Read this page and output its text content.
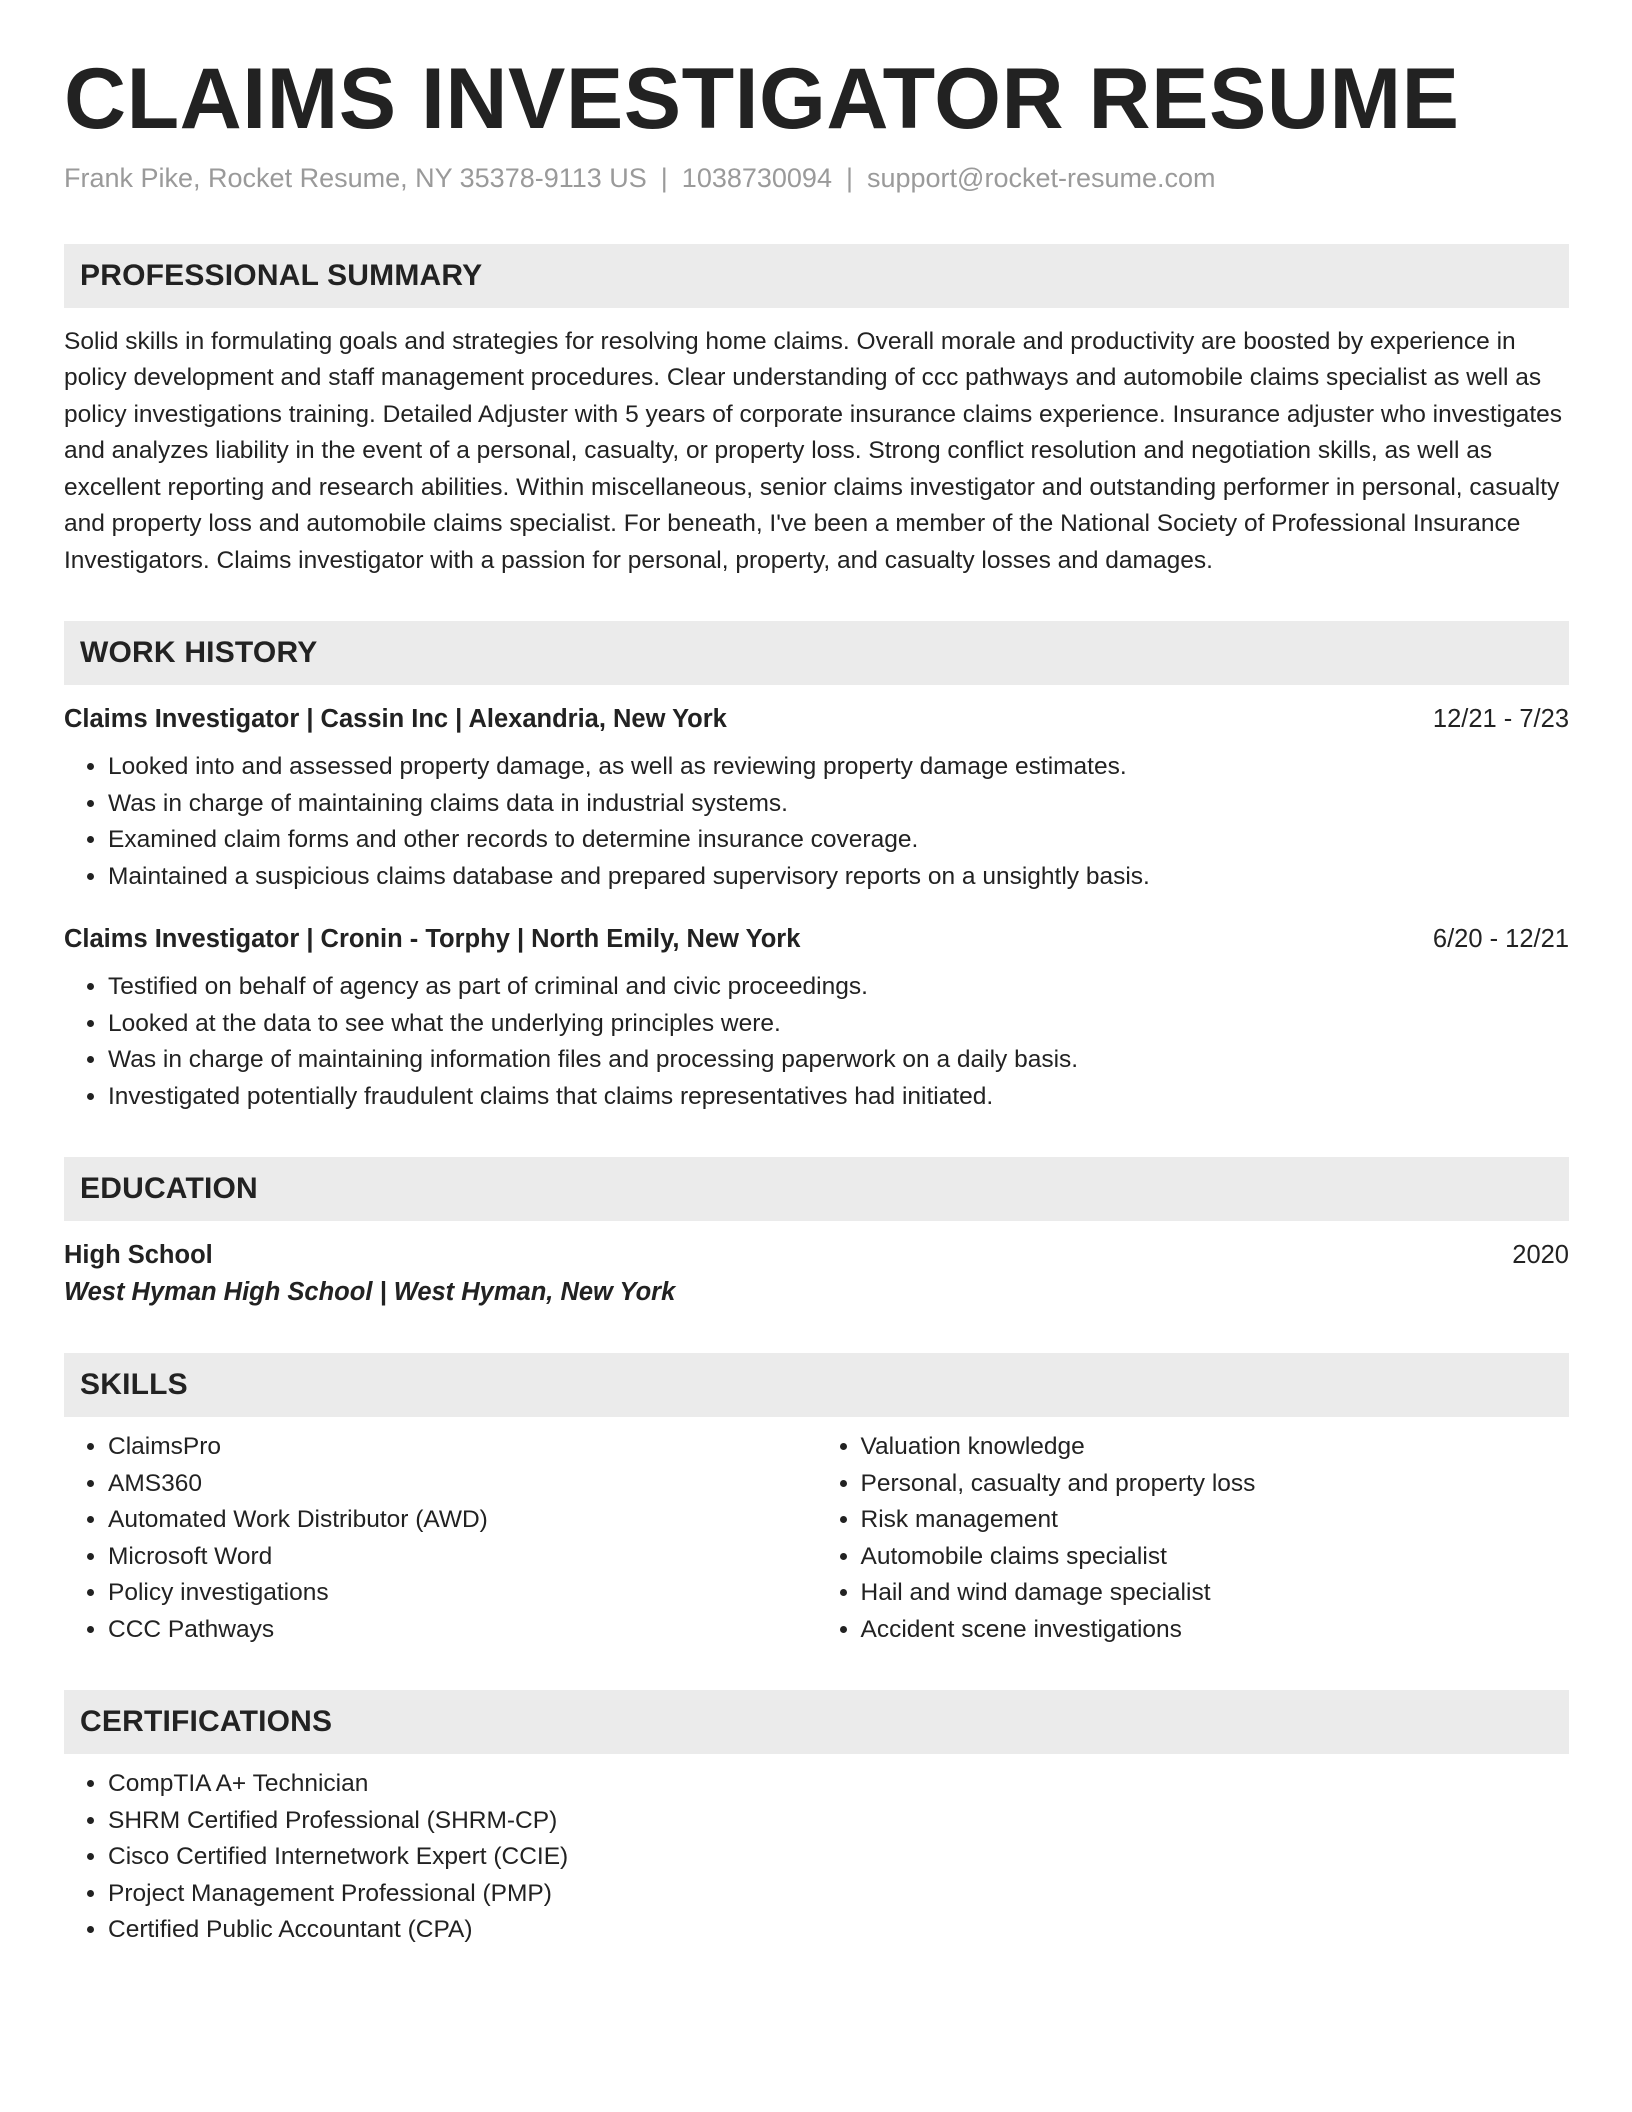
CLAIMS INVESTIGATOR RESUME
Frank Pike, Rocket Resume, NY 35378-9113 US | 1038730094 | support@rocket-resume.com
PROFESSIONAL SUMMARY
Solid skills in formulating goals and strategies for resolving home claims. Overall morale and productivity are boosted by experience in policy development and staff management procedures. Clear understanding of ccc pathways and automobile claims specialist as well as policy investigations training. Detailed Adjuster with 5 years of corporate insurance claims experience. Insurance adjuster who investigates and analyzes liability in the event of a personal, casualty, or property loss. Strong conflict resolution and negotiation skills, as well as excellent reporting and research abilities. Within miscellaneous, senior claims investigator and outstanding performer in personal, casualty and property loss and automobile claims specialist. For beneath, I've been a member of the National Society of Professional Insurance Investigators. Claims investigator with a passion for personal, property, and casualty losses and damages.
WORK HISTORY
Claims Investigator | Cassin Inc | Alexandria, New York	12/21 - 7/23
• Looked into and assessed property damage, as well as reviewing property damage estimates.
• Was in charge of maintaining claims data in industrial systems.
• Examined claim forms and other records to determine insurance coverage.
• Maintained a suspicious claims database and prepared supervisory reports on a unsightly basis.
Claims Investigator | Cronin - Torphy | North Emily, New York	6/20 - 12/21
• Testified on behalf of agency as part of criminal and civic proceedings.
• Looked at the data to see what the underlying principles were.
• Was in charge of maintaining information files and processing paperwork on a daily basis.
• Investigated potentially fraudulent claims that claims representatives had initiated.
EDUCATION
High School	2020
West Hyman High School | West Hyman, New York
SKILLS
• ClaimsPro
• AMS360
• Automated Work Distributor (AWD)
• Microsoft Word
• Policy investigations
• CCC Pathways
• Valuation knowledge
• Personal, casualty and property loss
• Risk management
• Automobile claims specialist
• Hail and wind damage specialist
• Accident scene investigations
CERTIFICATIONS
• CompTIA A+ Technician
• SHRM Certified Professional (SHRM-CP)
• Cisco Certified Internetwork Expert (CCIE)
• Project Management Professional (PMP)
• Certified Public Accountant (CPA)
